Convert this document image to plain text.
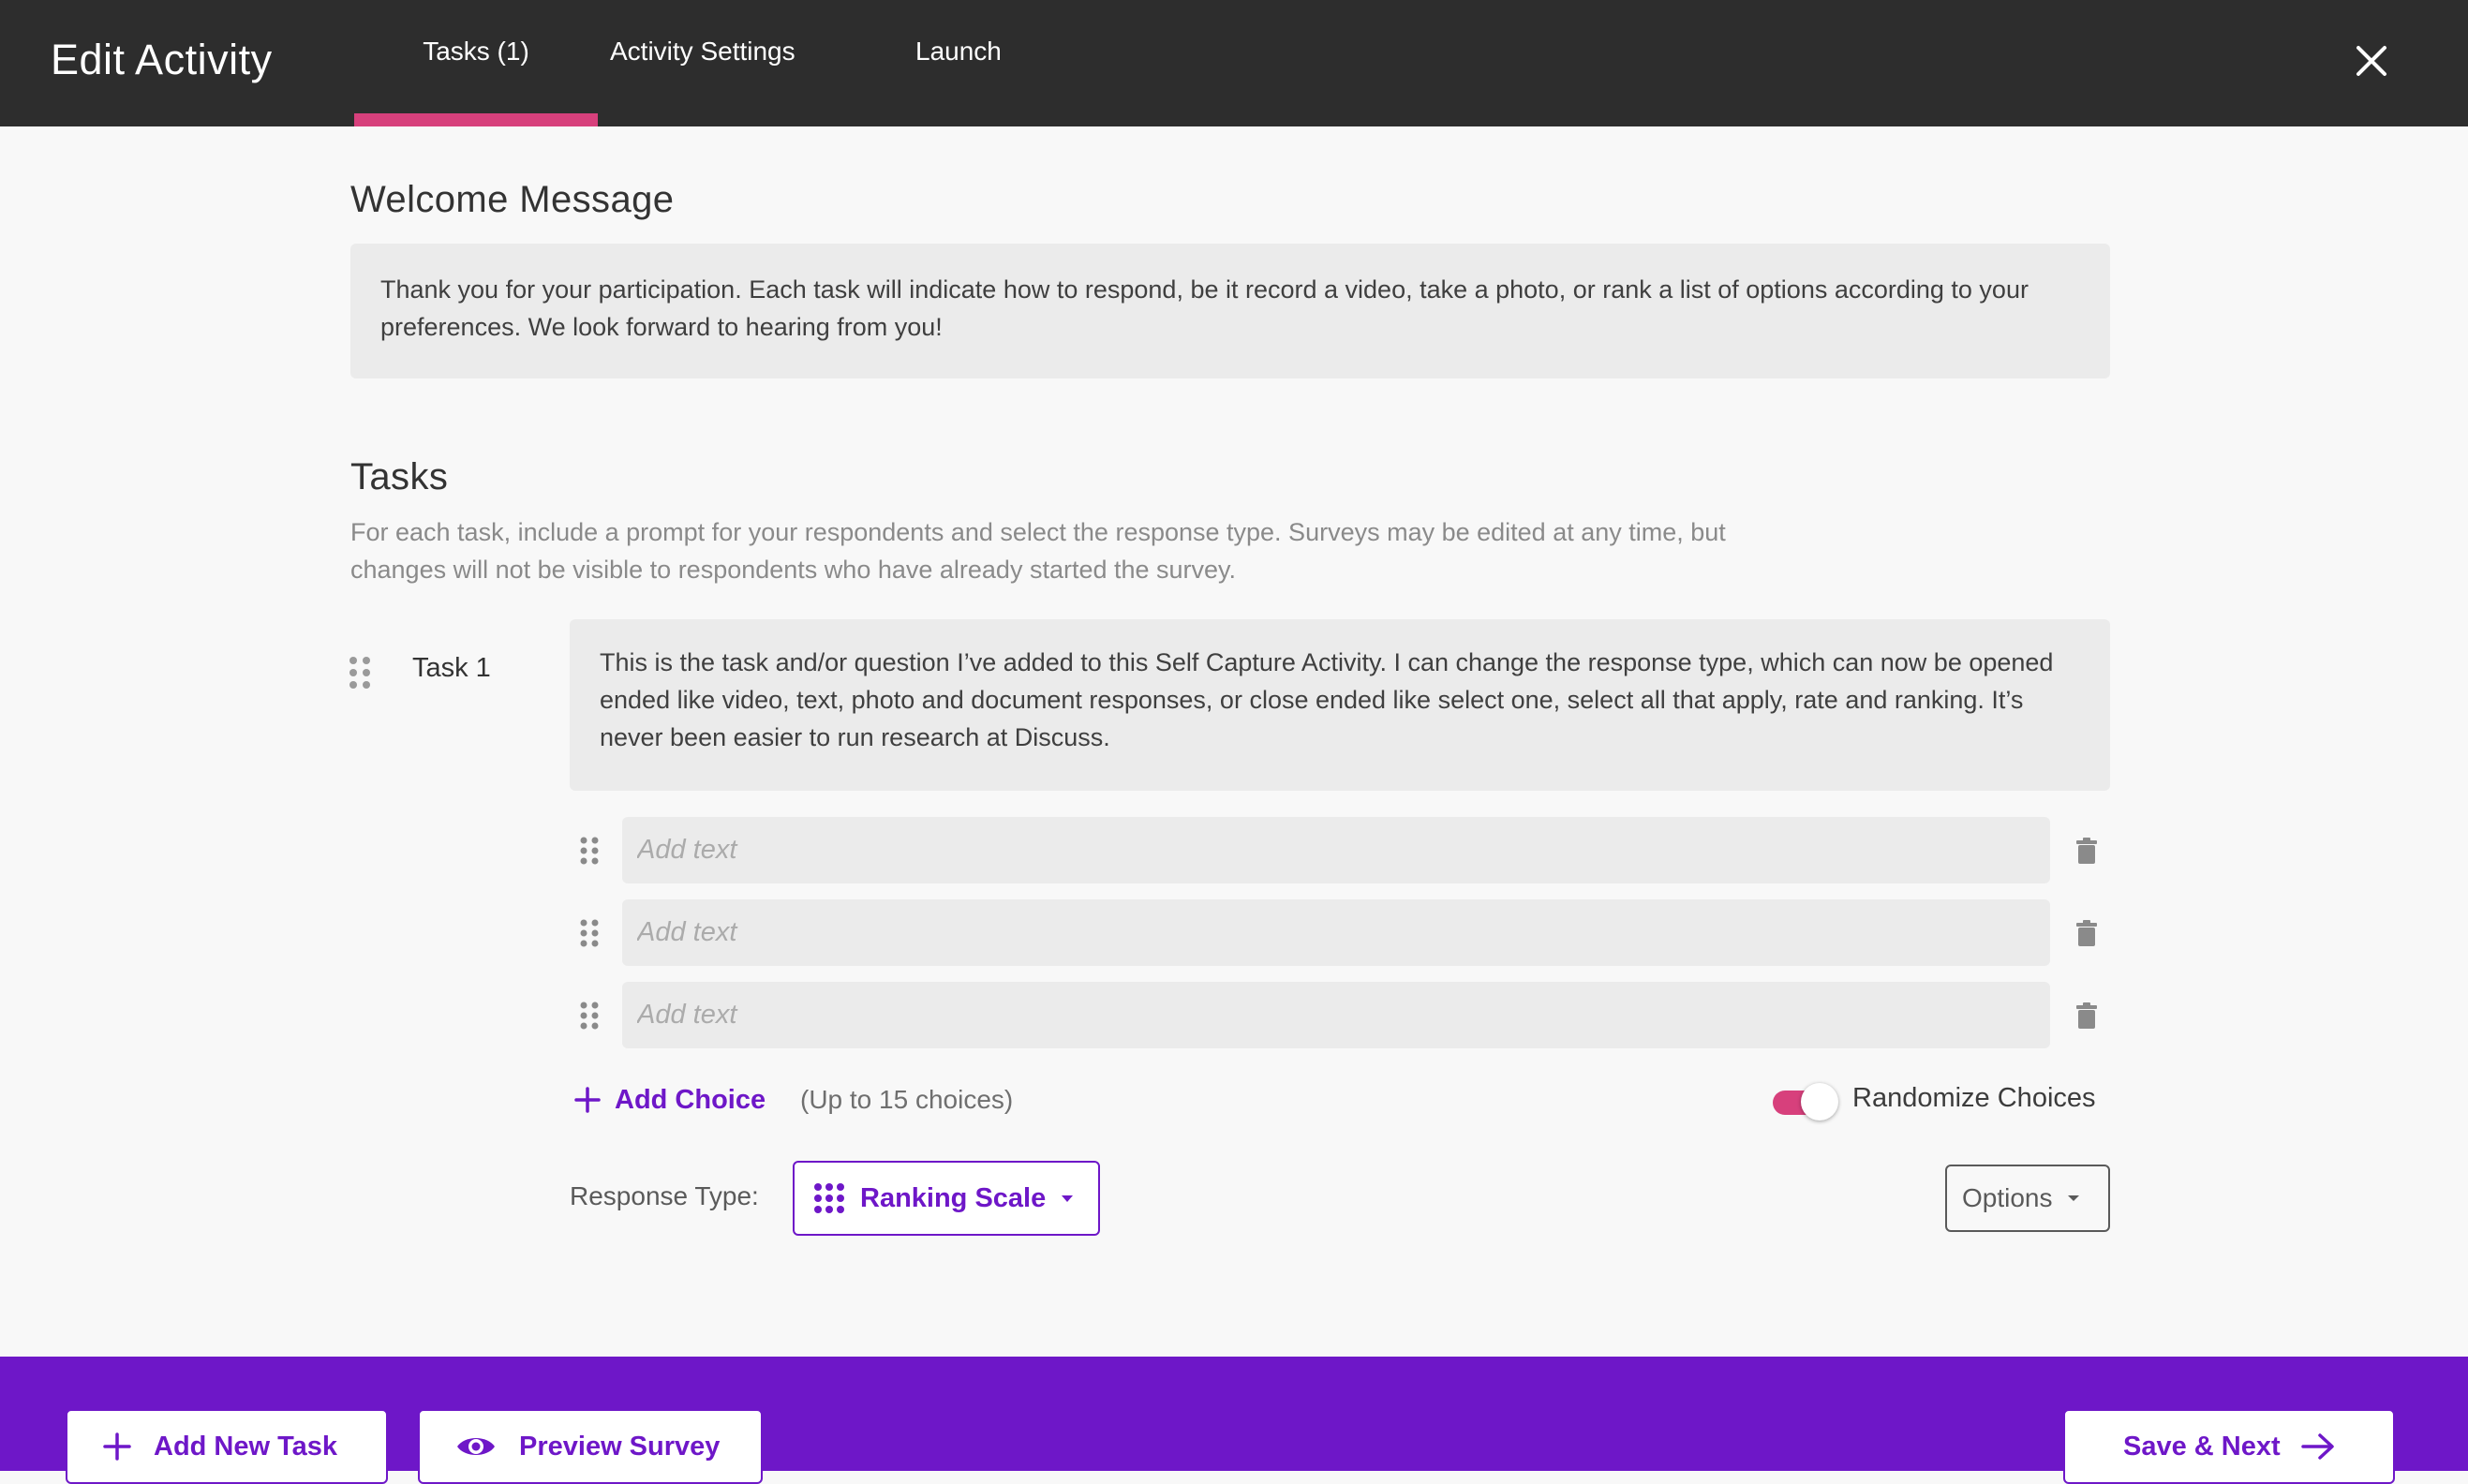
Edit Activity	Tasks (1)	Activity Settings	Launch
Welcome Message
Thank you for your participation. Each task will indicate how to respond, be it record a video, take a photo, or rank a list of options according to your preferences. We look forward to hearing from you!
Tasks
For each task, include a prompt for your respondents and select the response type. Surveys may be edited at any time, but changes will not be visible to respondents who have already started the survey.
Task 1	This is the task and/or question I’ve added to this Self Capture Activity. I can change the response type, which can now be opened ended like video, text, photo and document responses, or close ended like select one, select all that apply, rate and ranking. It’s never been easier to run research at Discuss.
Add text
Add text
Add text
Add Choice (Up to 15 choices)	Randomize Choices
Response Type:	Ranking Scale	Options
Add New Task	Preview Survey	Save & Next
